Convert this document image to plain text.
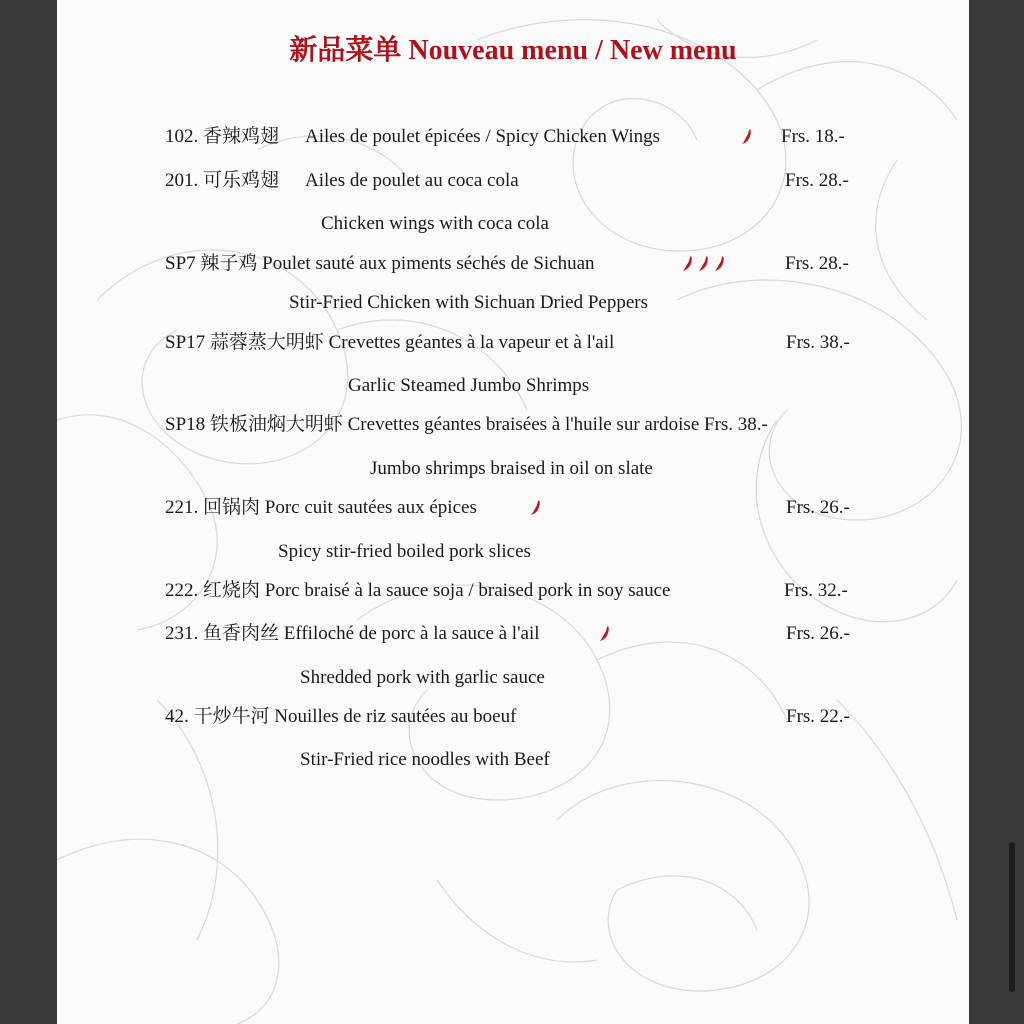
新品菜单 Nouveau menu / New menu
102. 香辣鸡翅 Ailes de poulet épicées / Spicy Chicken Wings	Frs. 18.-
201. 可乐鸡翅 Ailes de poulet au coca cola	Frs. 28.-
Chicken wings with coca cola
SP7 辣子鸡 Poulet sauté aux piments séchés de Sichuan	Frs. 28.-
Stir-Fried Chicken with Sichuan Dried Peppers
SP17 蒜蓉蒸大明虾 Crevettes géantes à la vapeur et à l'ail	Frs. 38.-
Garlic Steamed Jumbo Shrimps
SP18 铁板油焖大明虾 Crevettes géantes braisées à l'huile sur ardoise Frs. 38.-
Jumbo shrimps braised in oil on slate
221. 回锅肉 Porc cuit sautées aux épices	Frs. 26.-
Spicy stir-fried boiled pork slices
222. 红烧肉 Porc braisé à la sauce soja / braised pork in soy sauce	Frs. 32.-
231. 鱼香肉丝 Effiloché de porc à la sauce à l'ail	Frs. 26.-
Shredded pork with garlic sauce
42. 干炒牛河 Nouilles de riz sautées au boeuf	Frs. 22.-
Stir-Fried rice noodles with Beef
